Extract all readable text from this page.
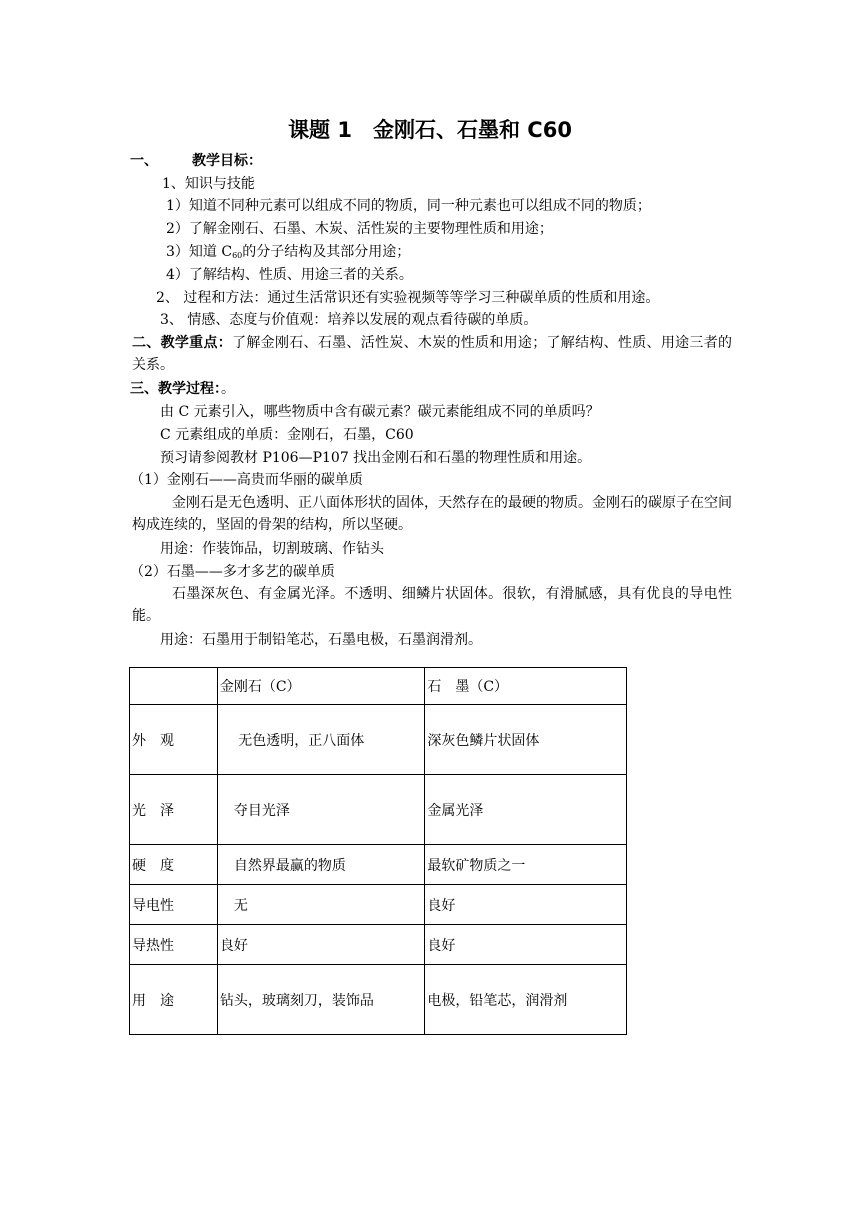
课题 1　金刚石、石墨和 C60
一、 教学目标：
1、知识与技能
1）知道不同种元素可以组成不同的物质，同一种元素也可以组成不同的物质；
2）了解金刚石、石墨、木炭、活性炭的主要物理性质和用途；
3）知道 $C_{60}$的分子结构及其部分用途；
4）了解结构、性质、用途三者的关系。
2、 过程和方法：通过生活常识还有实验视频等等学习三种碳单质的性质和用途。
3、 情感、态度与价值观：培养以发展的观点看待碳的单质。
二、教学重点：了解金刚石、石墨、活性炭、木炭的性质和用途；了解结构、性质、用途三者的关系。
三、教学过程：。
由 C 元素引入，哪些物质中含有碳元素？碳元素能组成不同的单质吗？
C 元素组成的单质：金刚石，石墨，C60
预习请参阅教材 P106—P107 找出金刚石和石墨的物理性质和用途。
（1）金刚石——高贵而华丽的碳单质
金刚石是无色透明、正八面体形状的固体，天然存在的最硬的物质。金刚石的碳原子在空间构成连续的，坚固的骨架的结构，所以坚硬。
用途：作装饰品，切割玻璃、作钻头
（2）石墨——多才多艺的碳单质
石墨深灰色、有金属光泽。不透明、细鳞片状固体。很软，有滑腻感，具有优良的导电性能。
用途：石墨用于制铅笔芯，石墨电极，石墨润滑剂。
	金刚石（C）	石　墨（C）
外　观	　 无色透明，正八面体	深灰色鳞片状固体
光　泽	　夺目光泽	金属光泽
硬　度	　自然界最赢的物质	最软矿物质之一
导电性	　无	良好
导热性	良好	良好
用　途	钻头，玻璃刻刀，装饰品	电极，铅笔芯，润滑剂
